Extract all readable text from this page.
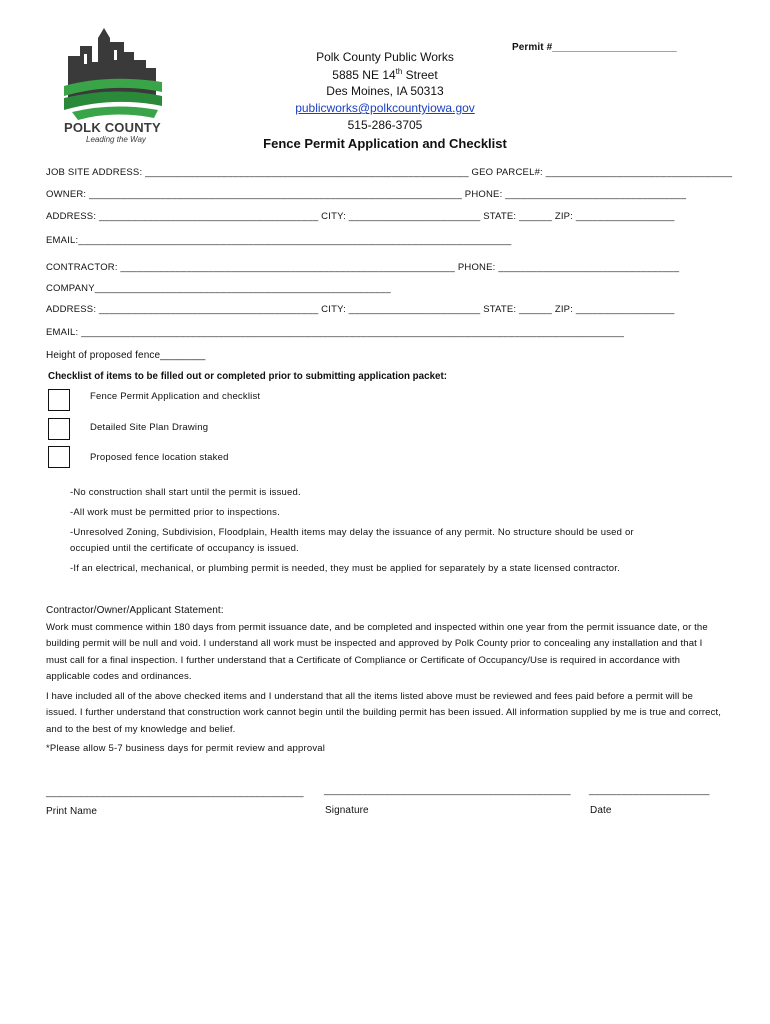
POLK COUNTY
Leading the Way
Permit #______________________
Polk County Public Works
5885 NE 14th Street
Des Moines, IA 50313
publicworks@polkcountyiowa.gov
515-286-3705
Fence Permit Application and Checklist
JOB SITE ADDRESS: ___________________________________________________________ GEO PARCEL#: __________________________________
OWNER: ____________________________________________________________________ PHONE: _________________________________
ADDRESS: ________________________________________ CITY: ________________________ STATE: ______ ZIP: __________________
EMAIL:_______________________________________________________________________________
CONTRACTOR: _____________________________________________________________ PHONE: _________________________________
COMPANY______________________________________________________
ADDRESS: ________________________________________ CITY: ________________________ STATE: ______ ZIP: __________________
EMAIL: ___________________________________________________________________________________________________
Height of proposed fence________
Checklist of items to be filled out or completed prior to submitting application packet:
Fence Permit Application and checklist
Detailed Site Plan Drawing
Proposed fence location staked
-No construction shall start until the permit is issued.
-All work must be permitted prior to inspections.
-Unresolved Zoning, Subdivision, Floodplain, Health items may delay the issuance of any permit. No structure should be used or
occupied until the certificate of occupancy is issued.
-If an electrical, mechanical, or plumbing permit is needed, they must be applied for separately by a state licensed contractor.
Contractor/Owner/Applicant Statement:
Work must commence within 180 days from permit issuance date, and be completed and inspected within one year from the permit issuance date, or the building permit will be null and void. I understand all work must be inspected and approved by Polk County prior to concealing any installation and that I must call for a final inspection. I further understand that a Certificate of Compliance or Certificate of Occupancy/Use is required in accordance with applicable codes and ordinances.
I have included all of the above checked items and I understand that all the items listed above must be reviewed and fees paid before a permit will be issued. I further understand that construction work cannot begin until the building permit has been issued. All information supplied by me is true and correct, and to the best of my knowledge and belief.
*Please allow 5-7 business days for permit review and approval
_______________________________________________ _____________________________________________ ______________________
Print Name	Signature	Date
